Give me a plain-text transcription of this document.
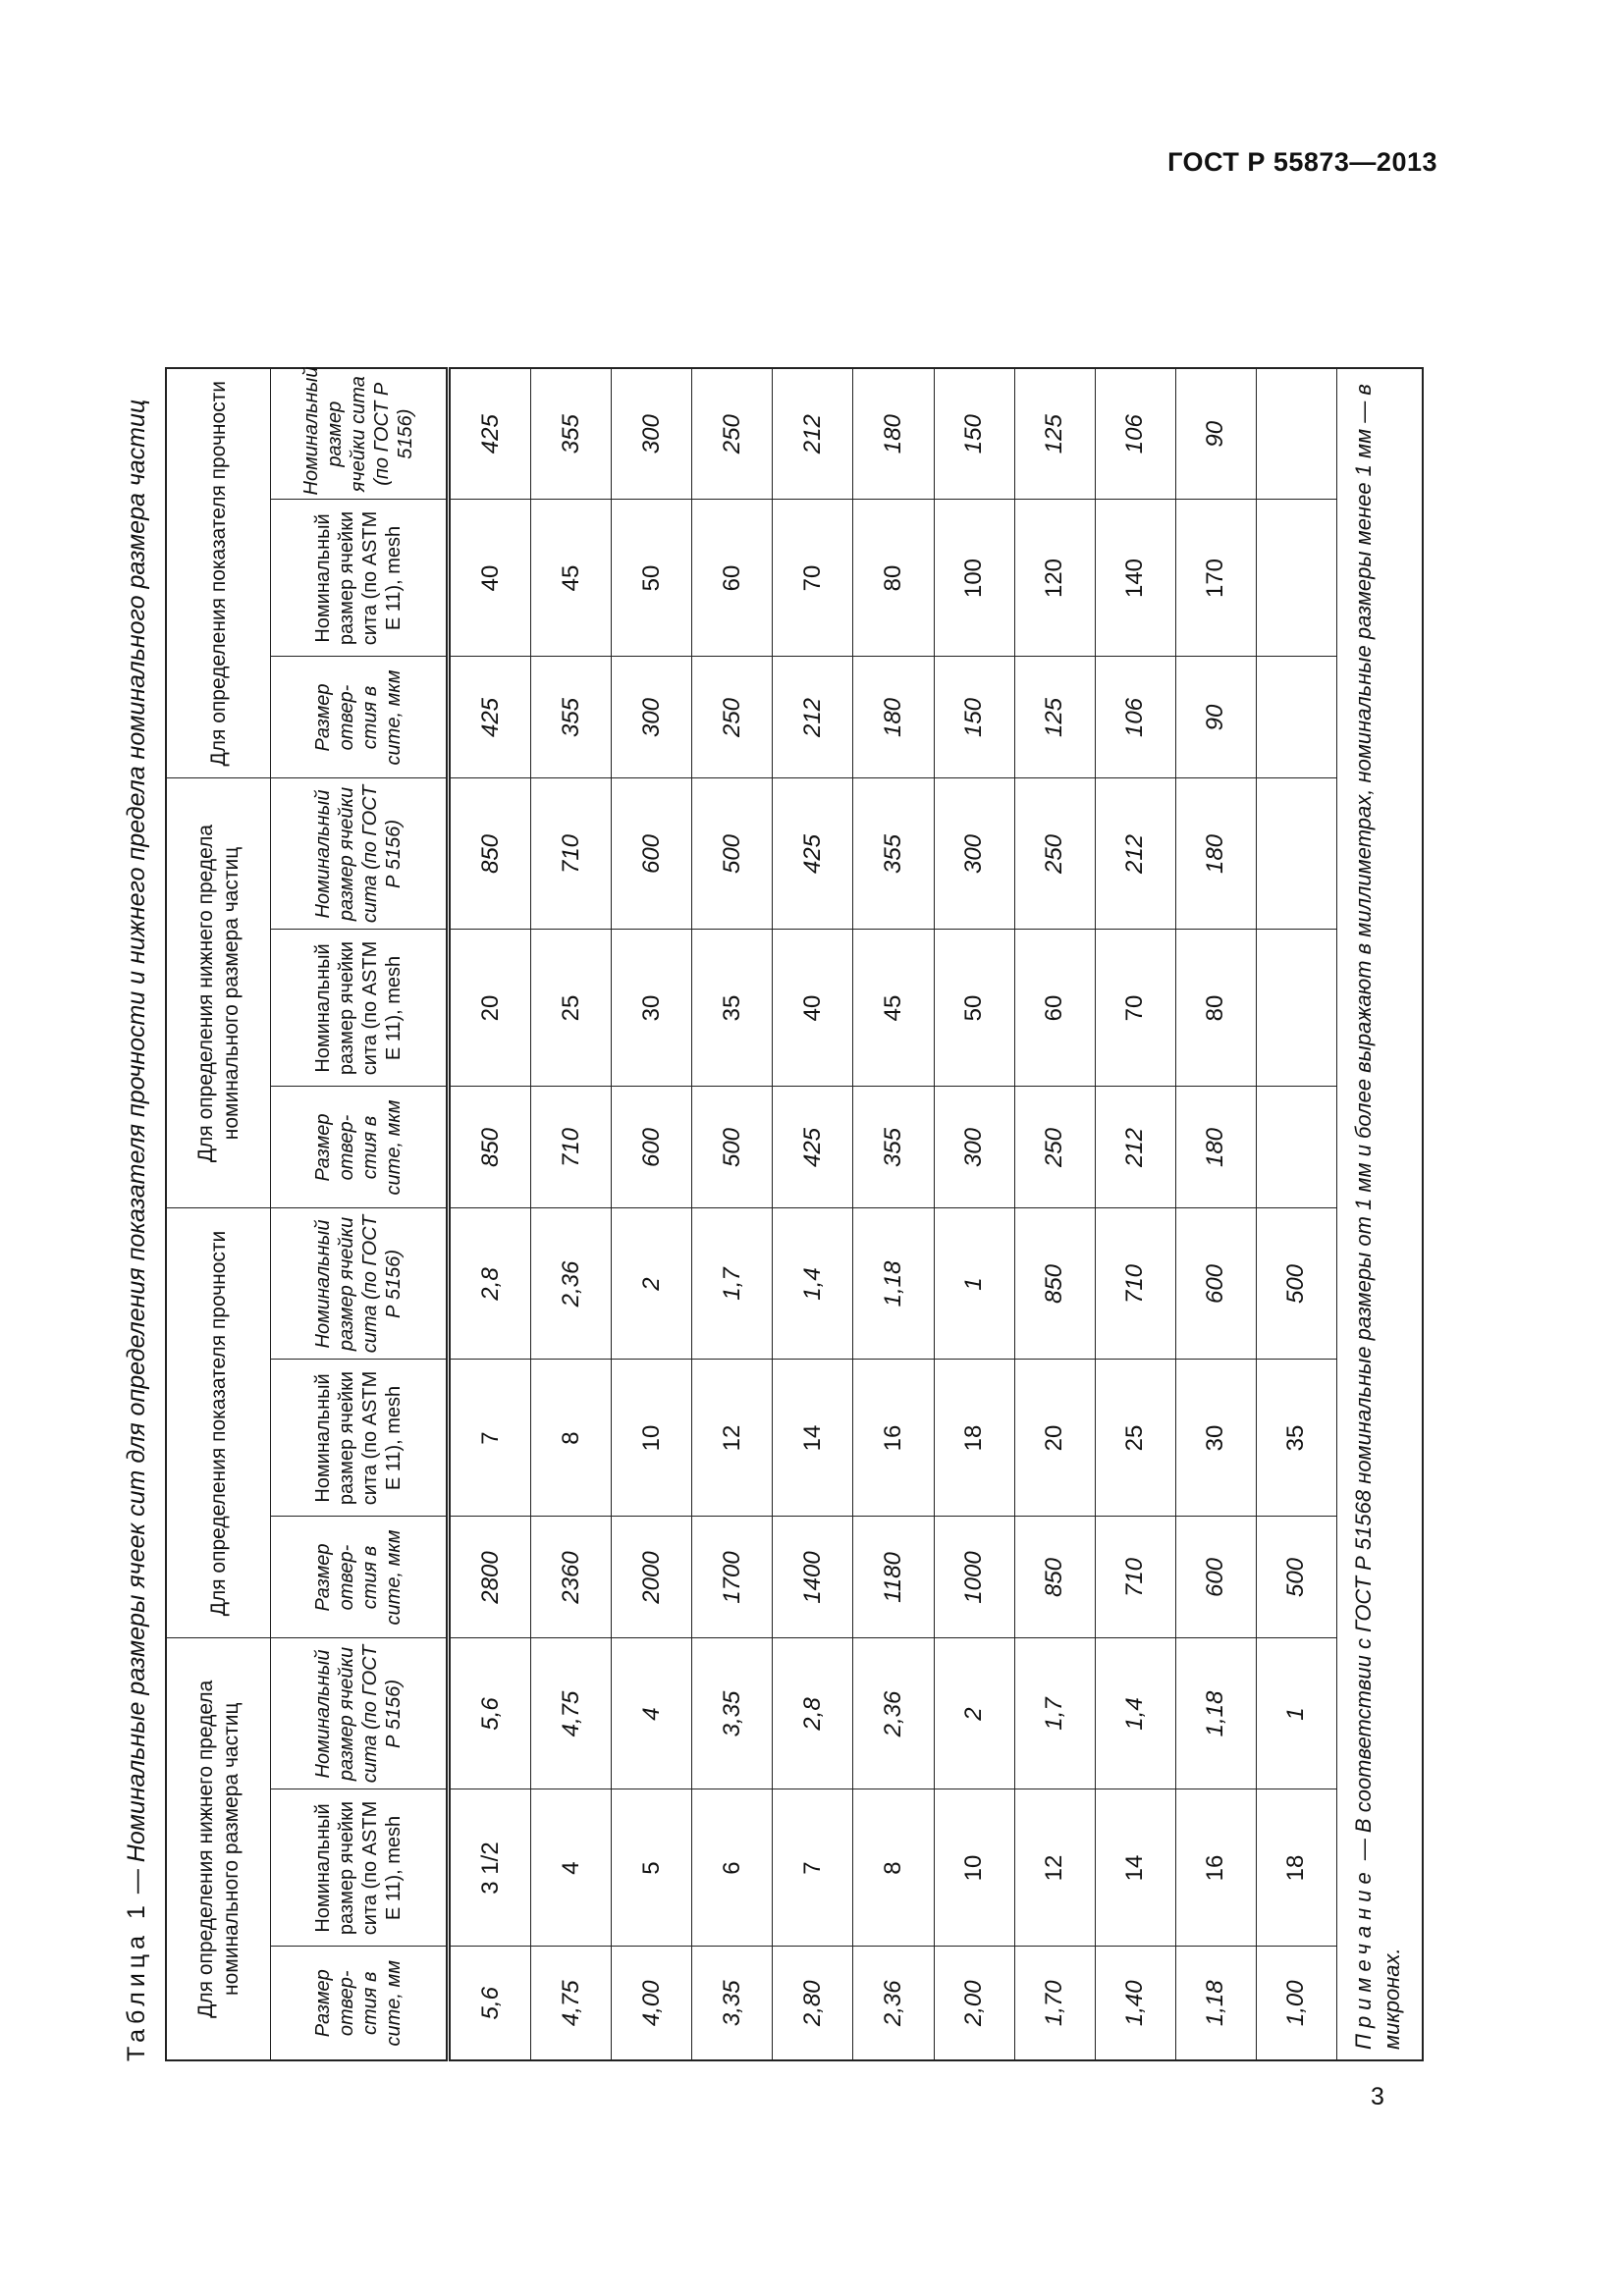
ГОСТ Р 55873—2013
Таблица 1 — Номинальные размеры ячеек сит для определения показателя прочности и нижнего предела номинального размера частиц	Для определения нижнего предела номинального размера частиц			Для определения показателя прочности			Для определения нижнего предела номинального размера частиц			Для определения показателя прочности		
Размер отвер-стия в сите, мм	Номинальный размер ячейки сита (по ASTM E 11), mesh	Номинальный размер ячейки сита (по ГОСТ Р 5156)	Размер отвер-стия в сите, мкм	Номинальный размер ячейки сита (по ASTM E 11), mesh	Номинальный размер ячейки сита (по ГОСТ Р 5156)	Размер отвер-стия в сите, мкм	Номинальный размер ячейки сита (по ASTM E 11), mesh	Номинальный размер ячейки сита (по ГОСТ Р 5156)	Размер отвер-стия в сите, мкм	Номинальный размер ячейки сита (по ASTM E 11), mesh	Номинальный размер ячейки сита (по ГОСТ Р 5156)
5,6	3 1/2	5,6	2800	7	2,8	850	20	850	425	40	425
4,75	4	4,75	2360	8	2,36	710	25	710	355	45	355
4,00	5	4	2000	10	2	600	30	600	300	50	300
3,35	6	3,35	1700	12	1,7	500	35	500	250	60	250
2,80	7	2,8	1400	14	1,4	425	40	425	212	70	212
2,36	8	2,36	1180	16	1,18	355	45	355	180	80	180
2,00	10	2	1000	18	1	300	50	300	150	100	150
1,70	12	1,7	850	20	850	250	60	250	125	120	125
1,40	14	1,4	710	25	710	212	70	212	106	140	106
1,18	16	1,18	600	30	600	180	80	180	90	170	90
1,00	18	1	500	35	500						
Примечание — В соответствии с ГОСТ Р 51568 номинальные размеры от 1 мм и более выражают в миллиметрах, номинальные размеры менее 1 мм — в микронах.											
3
